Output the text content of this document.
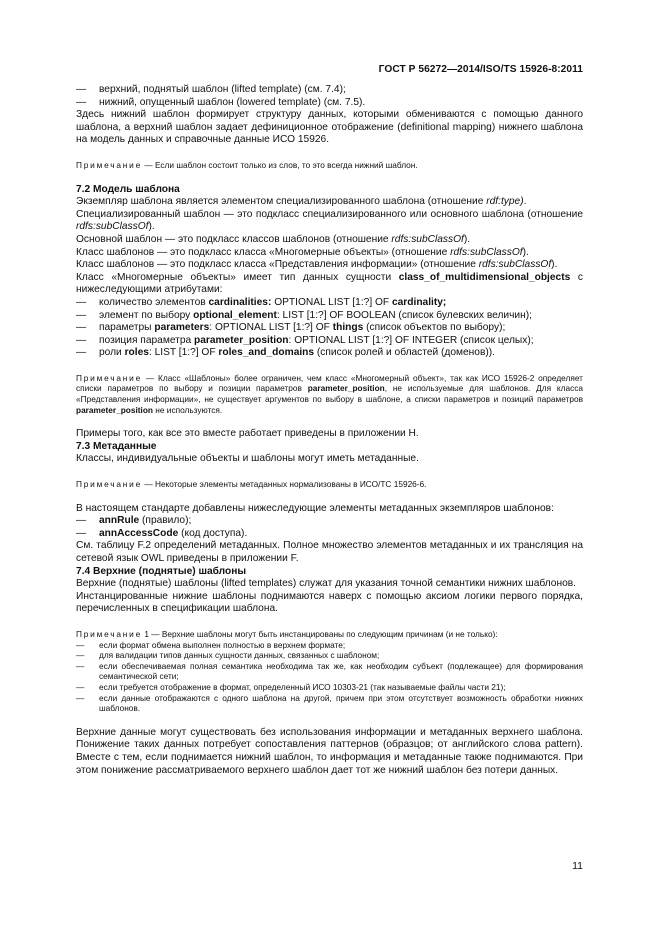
ГОСТ Р 56272—2014/ISO/TS 15926-8:2011
—	верхний, поднятый шаблон (lifted template) (см. 7.4);
—	нижний, опущенный шаблон (lowered template) (см. 7.5).

Здесь нижний шаблон формирует структуру данных, которыми обмениваются с помощью данного шаблона, а верхний шаблон задает дефиниционное отображение (definitional mapping) нижнего шаблона на модель данных и справочные данные ИСО 15926.

Примечание — Если шаблон состоит только из слов, то это всегда нижний шаблон.

7.2 Модель шаблона

Экземпляр шаблона является элементом специализированного шаблона (отношение rdf:type).

Специализированный шаблон — это подкласс специализированного или основного шаблона (отношение rdfs:subClassOf).

Основной шаблон — это подкласс классов шаблонов (отношение rdfs:subClassOf).

Класс шаблонов — это подкласс класса «Многомерные объекты» (отношение rdfs:subClassOf).

Класс шаблонов — это подкласс класса «Представления информации» (отношение rdfs:subClassOf).

Класс «Многомерные объекты» имеет тип данных сущности class_of_multidimensional_objects с нижеследующими атрибутами:

—	количество элементов cardinalities: OPTIONAL LIST [1:?] OF cardinality;
—	элемент по выбору optional_element: LIST [1:?] OF BOOLEAN (список булевских величин);
—	параметры parameters: OPTIONAL LIST [1:?] OF things (список объектов по выбору);
—	позиция параметра parameter_position: OPTIONAL LIST [1:?] OF INTEGER (список целых);
—	роли roles: LIST [1:?] OF roles_and_domains (список ролей и областей (доменов)).

Примечание — Класс «Шаблоны» более ограничен, чем класс «Многомерный объект», так как ИСО 15926-2 определяет списки параметров по выбору и позиции параметров parameter_position, не используемые для шаблонов. Для класса «Представления информации», не существует аргументов по выбору в шаблоне, а списки параметров и позиций параметров parameter_position не используются.

Примеры того, как все это вместе работает приведены в приложении Н.

7.3 Метаданные

Классы, индивидуальные объекты и шаблоны могут иметь метаданные.

Примечание — Некоторые элементы метаданных нормализованы в ИСО/ТС 15926-6.

В настоящем стандарте добавлены нижеследующие элементы метаданных экземпляров шаблонов:

—	annRule (правило);
—	annAccessCode (код доступа).

См. таблицу F.2 определений метаданных. Полное множество элементов метаданных и их трансляция на сетевой язык OWL приведены в приложении F.

7.4 Верхние (поднятые) шаблоны

Верхние (поднятые) шаблоны (lifted templates) служат для указания точной семантики нижних шаблонов.

Инстанцированные нижние шаблоны поднимаются наверх с помощью аксиом логики первого порядка, перечисленных в спецификации шаблона.

Примечание 1 — Верхние шаблоны могут быть инстанцированы по следующим причинам (и не только):

—	если формат обмена выполнен полностью в верхнем формате;
—	для валидации типов данных сущности данных, связанных с шаблоном;
—	если обеспечиваемая полная семантика необходима так же, как необходим субъект (подлежащее) для формирования семантической сети;
—	если требуется отображение в формат, определенный ИСО 10303-21 (так называемые файлы части 21);
—	если данные отображаются с одного шаблона на другой, причем при этом отсутствует возможность обработки нижних шаблонов.

Верхние данные могут существовать без использования информации и метаданных верхнего шаблона. Понижение таких данных потребует сопоставления паттернов (образцов; от английского слова pattern). Вместе с тем, если поднимается нижний шаблон, то информация и метаданные также поднимаются. При этом понижение рассматриваемого верхнего шаблон дает тот же нижний шаблон без потери данных.

11
